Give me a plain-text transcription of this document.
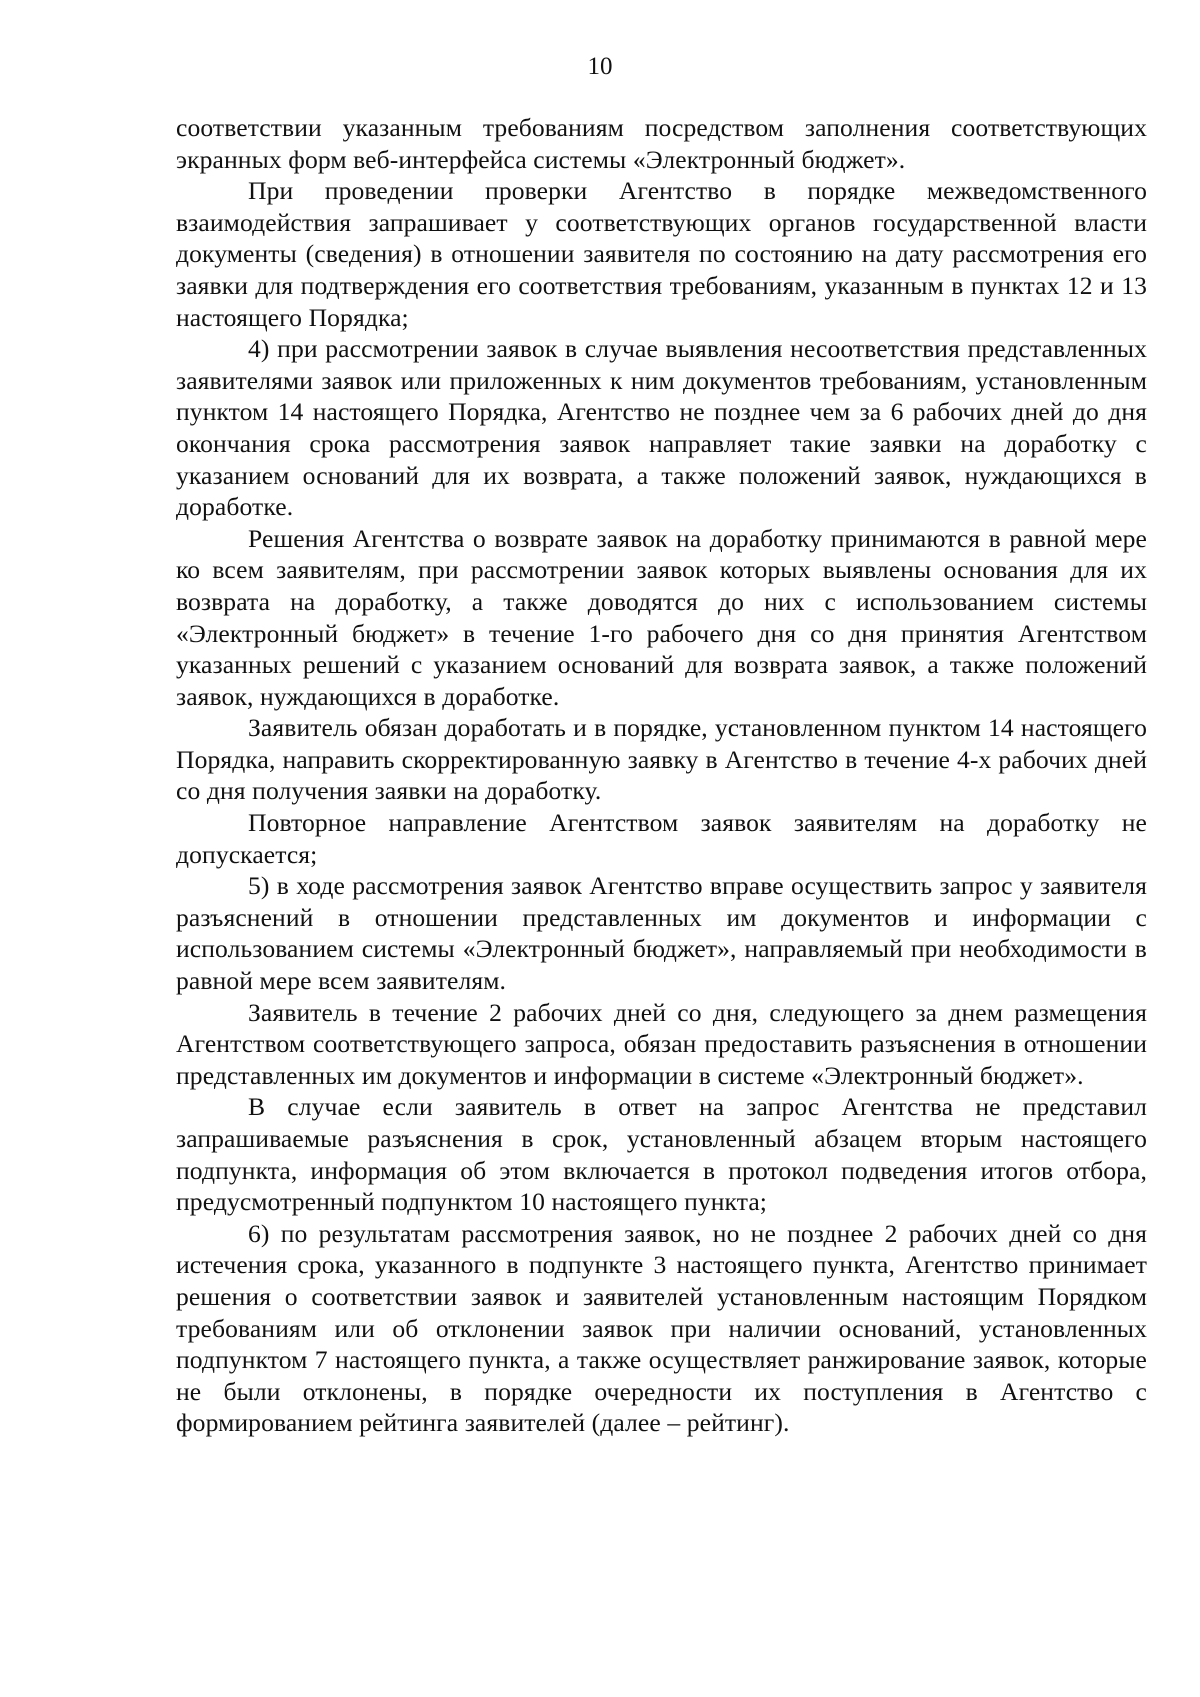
10

соответствии указанным требованиям посредством заполнения соответствующих экранных форм веб-интерфейса системы «Электронный бюджет».

При проведении проверки Агентство в порядке межведомственного взаимодействия запрашивает у соответствующих органов государственной власти документы (сведения) в отношении заявителя по состоянию на дату рассмотрения его заявки для подтверждения его соответствия требованиям, указанным в пунктах 12 и 13 настоящего Порядка;

4) при рассмотрении заявок в случае выявления несоответствия представленных заявителями заявок или приложенных к ним документов требованиям, установленным пунктом 14 настоящего Порядка, Агентство не позднее чем за 6 рабочих дней до дня окончания срока рассмотрения заявок направляет такие заявки на доработку с указанием оснований для их возврата, а также положений заявок, нуждающихся в доработке.

Решения Агентства о возврате заявок на доработку принимаются в равной мере ко всем заявителям, при рассмотрении заявок которых выявлены основания для их возврата на доработку, а также доводятся до них с использованием системы «Электронный бюджет» в течение 1-го рабочего дня со дня принятия Агентством указанных решений с указанием оснований для возврата заявок, а также положений заявок, нуждающихся в доработке.

Заявитель обязан доработать и в порядке, установленном пунктом 14 настоящего Порядка, направить скорректированную заявку в Агентство в течение 4-х рабочих дней со дня получения заявки на доработку.

Повторное направление Агентством заявок заявителям на доработку не допускается;

5) в ходе рассмотрения заявок Агентство вправе осуществить запрос у заявителя разъяснений в отношении представленных им документов и информации с использованием системы «Электронный бюджет», направляемый при необходимости в равной мере всем заявителям.

Заявитель в течение 2 рабочих дней со дня, следующего за днем размещения Агентством соответствующего запроса, обязан предоставить разъяснения в отношении представленных им документов и информации в системе «Электронный бюджет».

В случае если заявитель в ответ на запрос Агентства не представил запрашиваемые разъяснения в срок, установленный абзацем вторым настоящего подпункта, информация об этом включается в протокол подведения итогов отбора, предусмотренный подпунктом 10 настоящего пункта;

6) по результатам рассмотрения заявок, но не позднее 2 рабочих дней со дня истечения срока, указанного в подпункте 3 настоящего пункта, Агентство принимает решения о соответствии заявок и заявителей установленным настоящим Порядком требованиям или об отклонении заявок при наличии оснований, установленных подпунктом 7 настоящего пункта, а также осуществляет ранжирование заявок, которые не были отклонены, в порядке очередности их поступления в Агентство с формированием рейтинга заявителей (далее – рейтинг).
